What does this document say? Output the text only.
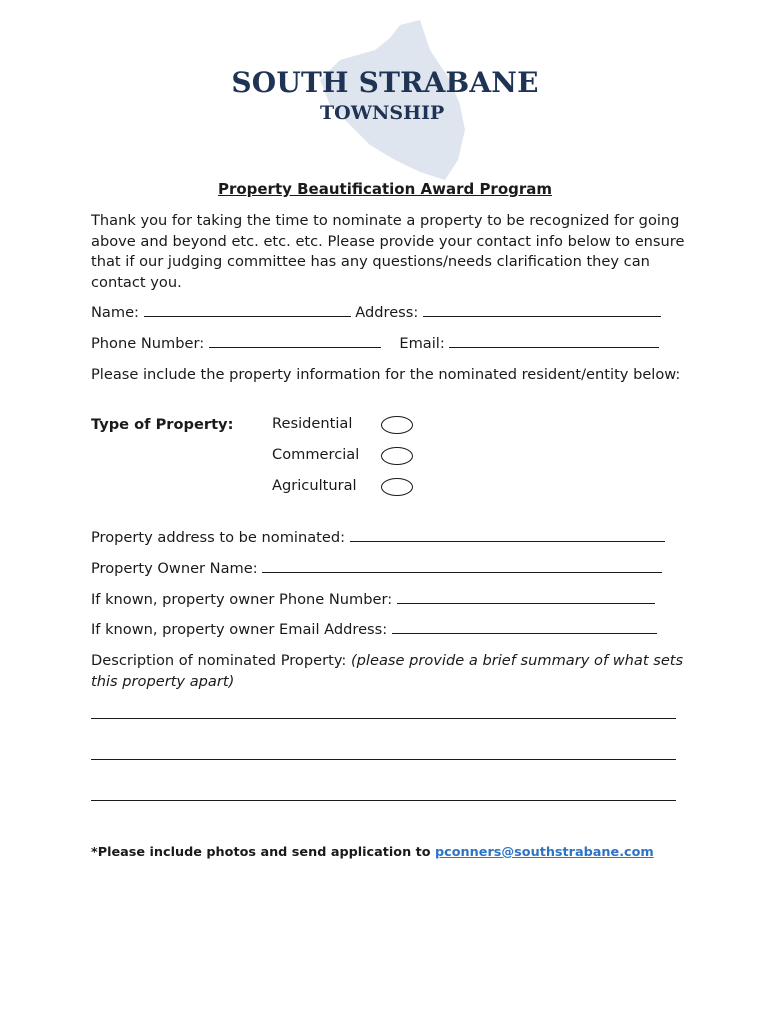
SOUTH STRABANE
TOWNSHIP
Property Beautification Award Program
Thank you for taking the time to nominate a property to be recognized for going above and beyond etc. etc. etc. Please provide your contact info below to ensure that if our judging committee has any questions/needs clarification they can contact you.
Name:	Address:
Phone Number:	Email:
Please include the property information for the nominated resident/entity below:
Type of Property:	Residential
Commercial
Agricultural
Property address to be nominated:
Property Owner Name:
If known, property owner Phone Number:
If known, property owner Email Address:
Description of nominated Property: (please provide a brief summary of what sets this property apart)
*Please include photos and send application to pconners@southstrabane.com
